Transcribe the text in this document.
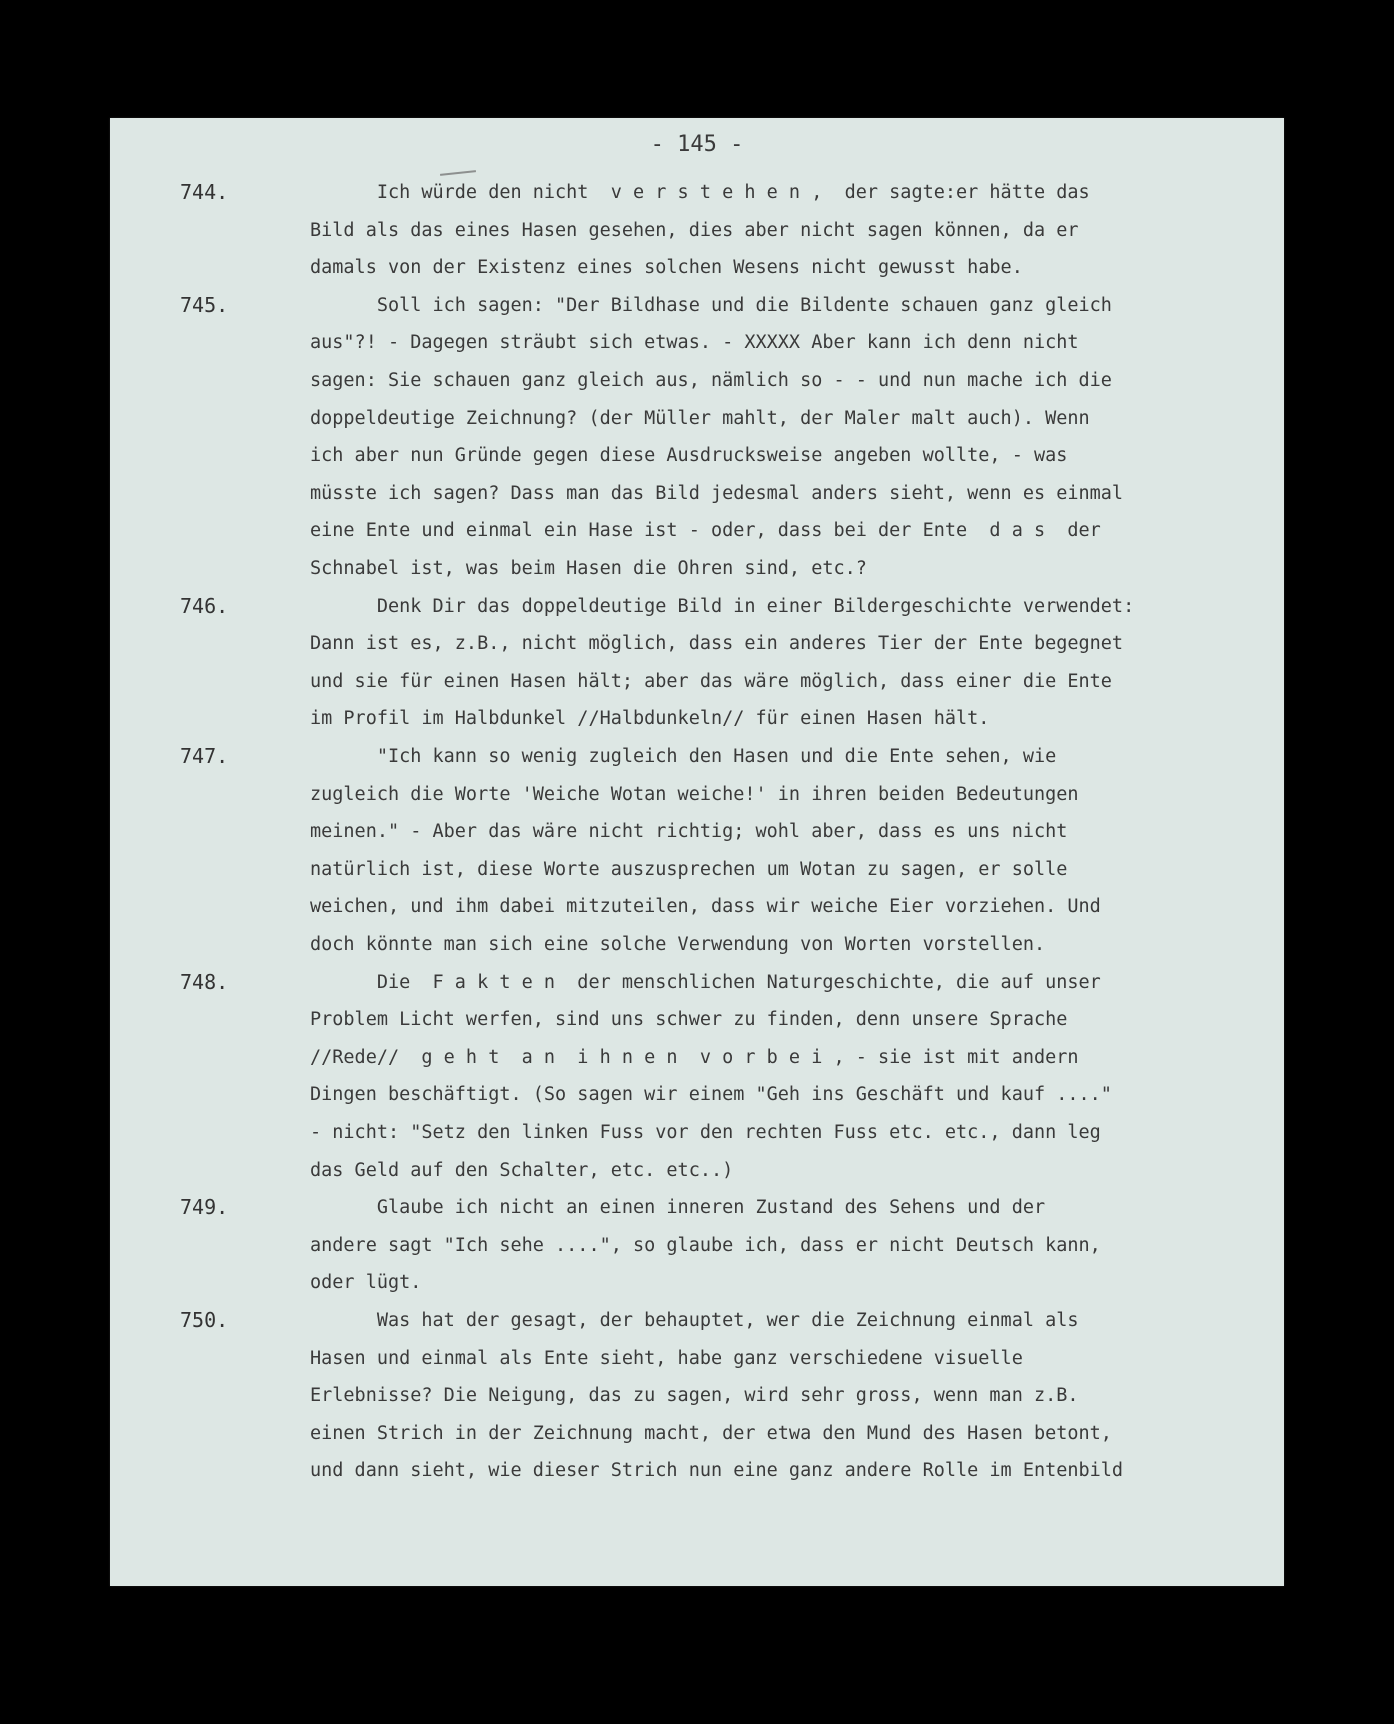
- 145 -
744.	Ich würde den nicht  v e r s t e h e n ,  der sagte:er hätte das
Bild als das eines Hasen gesehen, dies aber nicht sagen können, da er
damals von der Existenz eines solchen Wesens nicht gewusst habe.
745.	Soll ich sagen: "Der Bildhase und die Bildente schauen ganz gleich
aus"?! - Dagegen sträubt sich etwas. - XXXXX Aber kann ich denn nicht
sagen: Sie schauen ganz gleich aus, nämlich so - - und nun mache ich die
doppeldeutige Zeichnung? (der Müller mahlt, der Maler malt auch). Wenn
ich aber nun Gründe gegen diese Ausdrucksweise angeben wollte, - was
müsste ich sagen? Dass man das Bild jedesmal anders sieht, wenn es einmal
eine Ente und einmal ein Hase ist - oder, dass bei der Ente  d a s  der
Schnabel ist, was beim Hasen die Ohren sind, etc.?
746.	Denk Dir das doppeldeutige Bild in einer Bildergeschichte verwendet:
Dann ist es, z.B., nicht möglich, dass ein anderes Tier der Ente begegnet
und sie für einen Hasen hält; aber das wäre möglich, dass einer die Ente
im Profil im Halbdunkel //Halbdunkeln// für einen Hasen hält.
747.	"Ich kann so wenig zugleich den Hasen und die Ente sehen, wie
zugleich die Worte 'Weiche Wotan weiche!' in ihren beiden Bedeutungen
meinen." - Aber das wäre nicht richtig; wohl aber, dass es uns nicht
natürlich ist, diese Worte auszusprechen um Wotan zu sagen, er solle
weichen, und ihm dabei mitzuteilen, dass wir weiche Eier vorziehen. Und
doch könnte man sich eine solche Verwendung von Worten vorstellen.
748.	Die  F a k t e n  der menschlichen Naturgeschichte, die auf unser
Problem Licht werfen, sind uns schwer zu finden, denn unsere Sprache
//Rede//  g e h t  a n  i h n e n  v o r b e i , - sie ist mit andern
Dingen beschäftigt. (So sagen wir einem "Geh ins Geschäft und kauf ...."
- nicht: "Setz den linken Fuss vor den rechten Fuss etc. etc., dann leg
das Geld auf den Schalter, etc. etc..)
749.	Glaube ich nicht an einen inneren Zustand des Sehens und der
andere sagt "Ich sehe ....", so glaube ich, dass er nicht Deutsch kann,
oder lügt.
750.	Was hat der gesagt, der behauptet, wer die Zeichnung einmal als
Hasen und einmal als Ente sieht, habe ganz verschiedene visuelle
Erlebnisse? Die Neigung, das zu sagen, wird sehr gross, wenn man z.B.
einen Strich in der Zeichnung macht, der etwa den Mund des Hasen betont,
und dann sieht, wie dieser Strich nun eine ganz andere Rolle im Entenbild
